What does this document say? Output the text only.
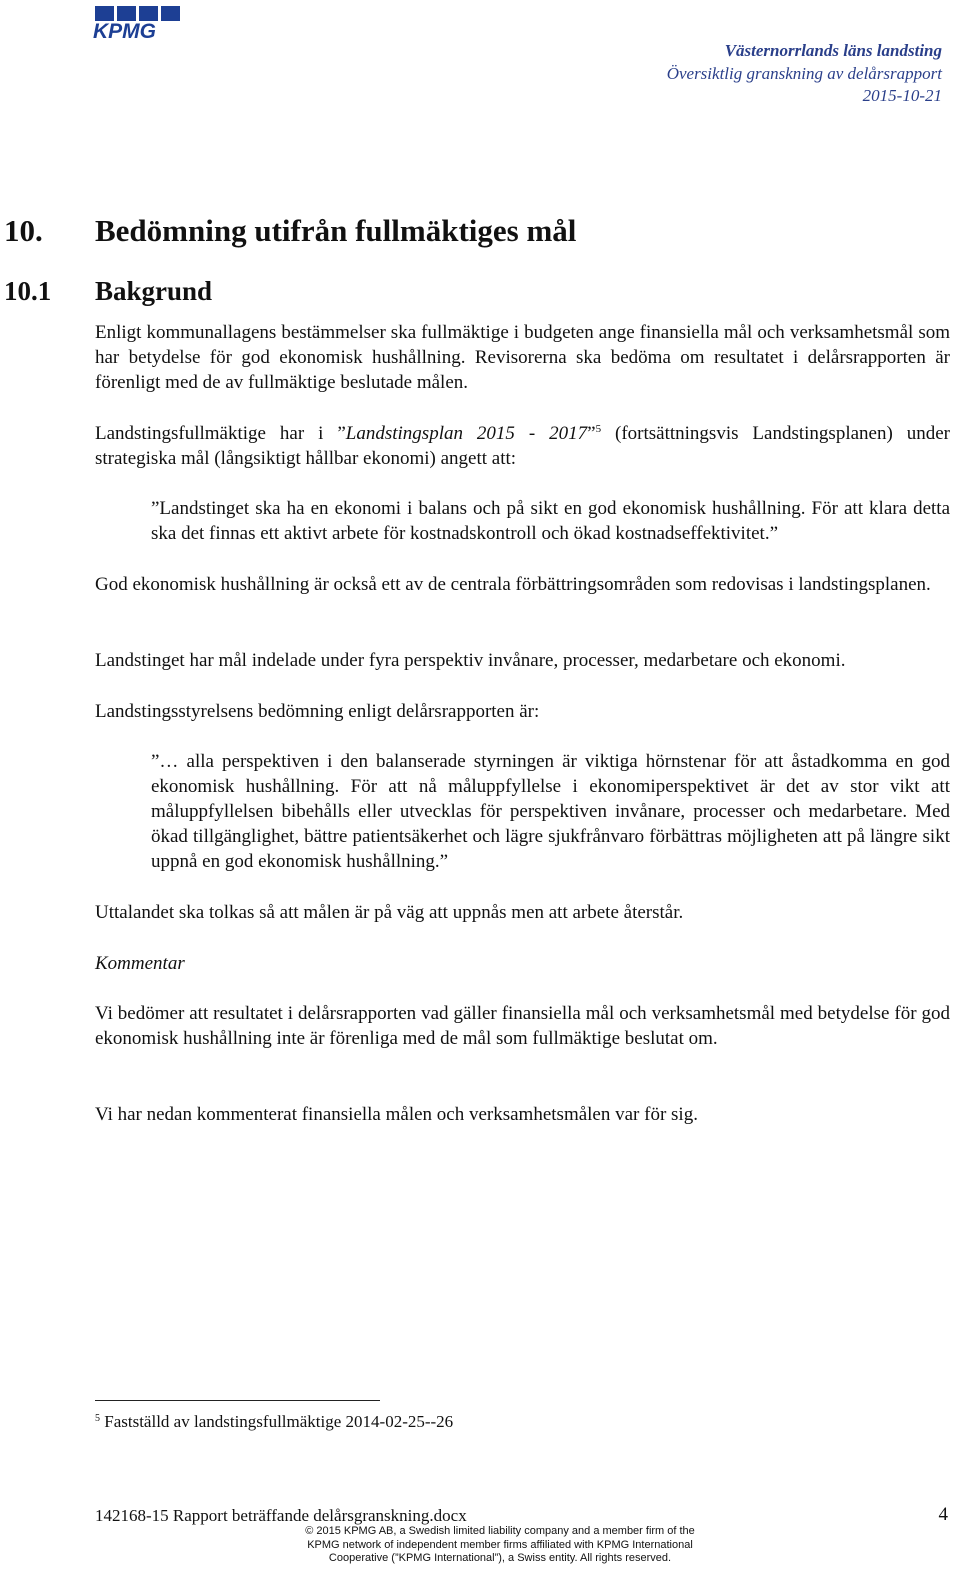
KPMG
Västernorrlands läns landsting
Översiktlig granskning av delårsrapport
2015-10-21
10. Bedömning utifrån fullmäktiges mål
10.1 Bakgrund

Enligt kommunallagens bestämmelser ska fullmäktige i budgeten ange finansiella mål och verksamhetsmål som har betydelse för god ekonomisk hushållning. Revisorerna ska bedöma om resultatet i delårsrapporten är förenligt med de av fullmäktige beslutade målen.

Landstingsfullmäktige har i ”Landstingsplan 2015 - 2017”$^5$ (fortsättningsvis Landstingsplanen) under strategiska mål (långsiktigt hållbar ekonomi) angett att:

”Landstinget ska ha en ekonomi i balans och på sikt en god ekonomisk hushållning. För att klara detta ska det finnas ett aktivt arbete för kostnadskontroll och ökad kostnadseffektivitet.”

God ekonomisk hushållning är också ett av de centrala förbättringsområden som redovisas i landstingsplanen.

Landstinget har mål indelade under fyra perspektiv invånare, processer, medarbetare och ekonomi.

Landstingsstyrelsens bedömning enligt delårsrapporten är:

”… alla perspektiven i den balanserade styrningen är viktiga hörnstenar för att åstadkomma en god ekonomisk hushållning. För att nå måluppfyllelse i ekonomiperspektivet är det av stor vikt att måluppfyllelsen bibehålls eller utvecklas för perspektiven invånare, processer och medarbetare. Med ökad tillgänglighet, bättre patientsäkerhet och lägre sjukfrånvaro förbättras möjligheten att på längre sikt uppnå en god ekonomisk hushållning.”

Uttalandet ska tolkas så att målen är på väg att uppnås men att arbete återstår.

Kommentar

Vi bedömer att resultatet i delårsrapporten vad gäller finansiella mål och verksamhetsmål med betydelse för god ekonomisk hushållning inte är förenliga med de mål som fullmäktige beslutat om.

Vi har nedan kommenterat finansiella målen och verksamhetsmålen var för sig.

$^5$ Fastställd av landstingsfullmäktige 2014-02-25--26
142168-15 Rapport beträffande delårsgranskning.docx	4
© 2015 KPMG AB, a Swedish limited liability company and a member firm of the
KPMG network of independent member firms affiliated with KPMG International
Cooperative (”KPMG International”), a Swiss entity. All rights reserved.
